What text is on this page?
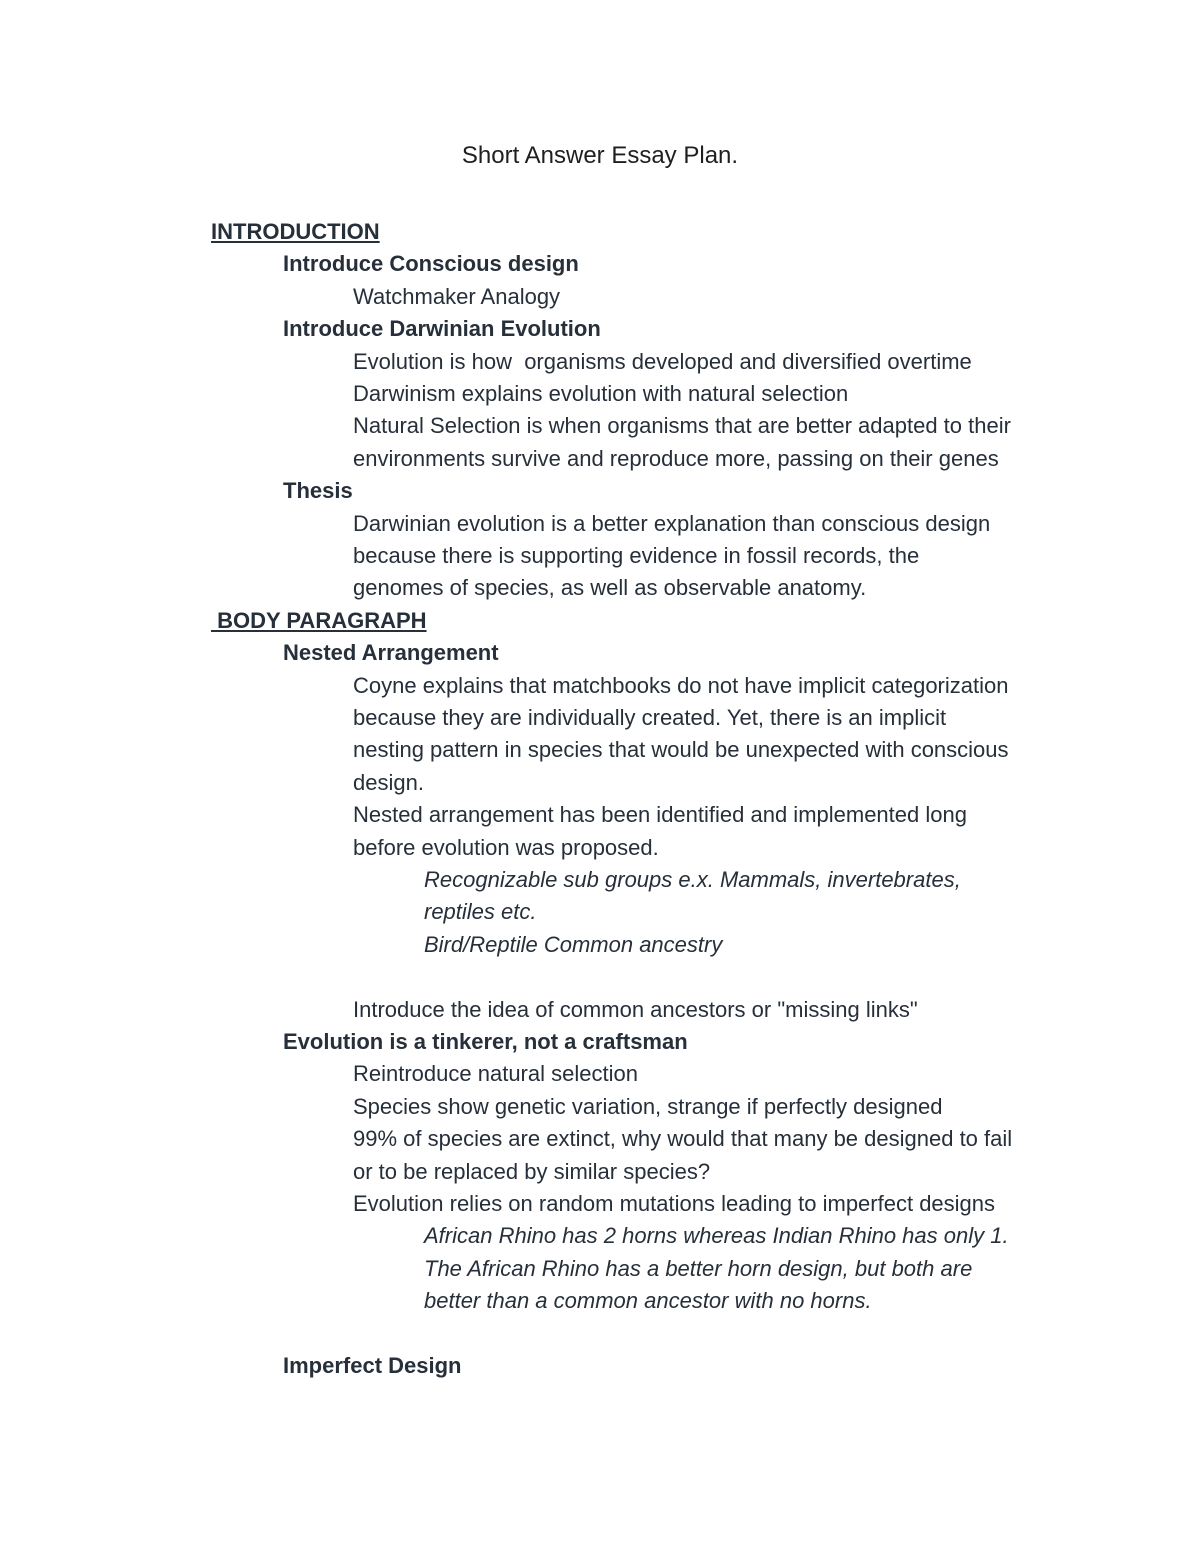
Short Answer Essay Plan.
INTRODUCTION
Introduce Conscious design
Watchmaker Analogy
Introduce Darwinian Evolution
Evolution is how  organisms developed and diversified overtime
Darwinism explains evolution with natural selection
Natural Selection is when organisms that are better adapted to their
environments survive and reproduce more, passing on their genes
Thesis
Darwinian evolution is a better explanation than conscious design
because there is supporting evidence in fossil records, the
genomes of species, as well as observable anatomy.
BODY PARAGRAPH
Nested Arrangement
Coyne explains that matchbooks do not have implicit categorization
because they are individually created. Yet, there is an implicit
nesting pattern in species that would be unexpected with conscious
design.
Nested arrangement has been identified and implemented long
before evolution was proposed.
Recognizable sub groups e.x. Mammals, invertebrates,
reptiles etc.
Bird/Reptile Common ancestry
Introduce the idea of common ancestors or "missing links"
Evolution is a tinkerer, not a craftsman
Reintroduce natural selection
Species show genetic variation, strange if perfectly designed
99% of species are extinct, why would that many be designed to fail
or to be replaced by similar species?
Evolution relies on random mutations leading to imperfect designs
African Rhino has 2 horns whereas Indian Rhino has only 1.
The African Rhino has a better horn design, but both are
better than a common ancestor with no horns.
Imperfect Design
